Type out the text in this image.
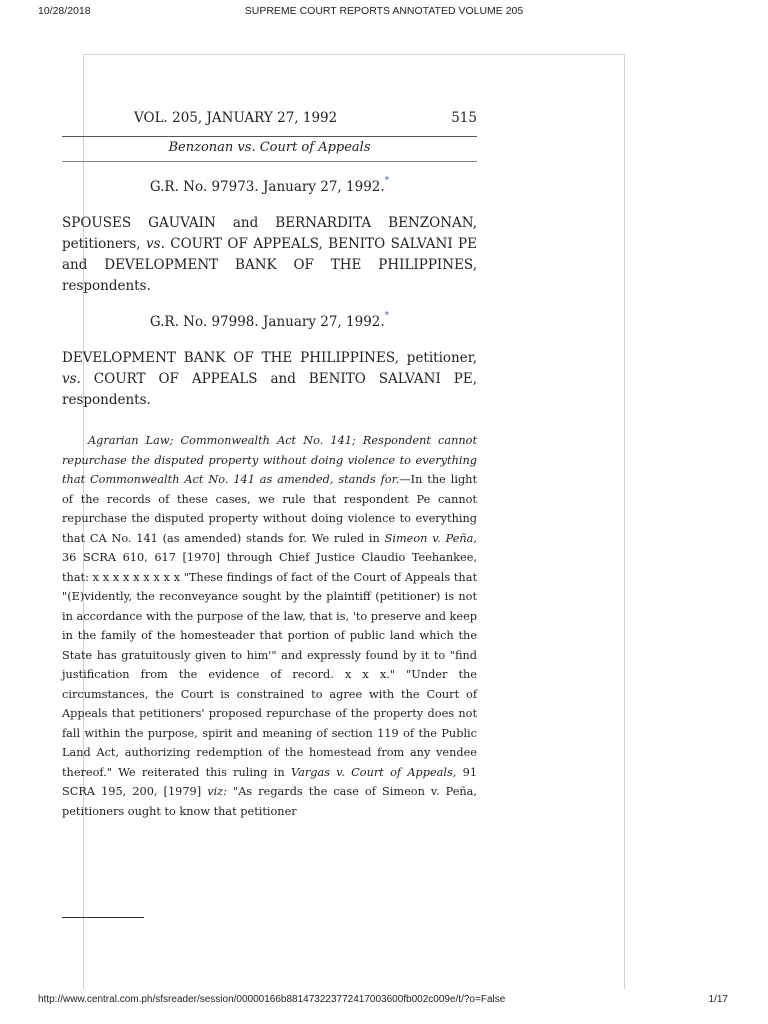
10/28/2018	SUPREME COURT REPORTS ANNOTATED VOLUME 205
VOL. 205, JANUARY 27, 1992	515
Benzonan vs. Court of Appeals
G.R. No. 97973. January 27, 1992.*

SPOUSES GAUVAIN and BERNARDITA BENZONAN, petitioners, vs. COURT OF APPEALS, BENITO SALVANI PE and DEVELOPMENT BANK OF THE PHILIPPINES, respondents.

G.R. No. 97998. January 27, 1992.*

DEVELOPMENT BANK OF THE PHILIPPINES, petitioner, vs. COURT OF APPEALS and BENITO SALVANI PE, respondents.

Agrarian Law; Commonwealth Act No. 141; Respondent cannot repurchase the disputed property without doing violence to everything that Commonwealth Act No. 141 as amended, stands for.—In the light of the records of these cases, we rule that respondent Pe cannot repurchase the disputed property without doing violence to everything that CA No. 141 (as amended) stands for. We ruled in Simeon v. Peña, 36 SCRA 610, 617 [1970] through Chief Justice Claudio Teehankee, that: x x x x x x x x x "These findings of fact of the Court of Appeals that "(E)vidently, the reconveyance sought by the plaintiff (petitioner) is not in accordance with the purpose of the law, that is, 'to preserve and keep in the family of the homesteader that portion of public land which the State has gratuitously given to him'" and expressly found by it to "find justification from the evidence of record. x x x." "Under the circumstances, the Court is constrained to agree with the Court of Appeals that petitioners' proposed repurchase of the property does not fall within the purpose, spirit and meaning of section 119 of the Public Land Act, authorizing redemption of the homestead from any vendee thereof." We reiterated this ruling in Vargas v. Court of Appeals, 91 SCRA 195, 200, [1979] viz: "As regards the case of Simeon v. Peña, petitioners ought to know that petitioner

http://www.central.com.ph/sfsreader/session/00000166b881473223772417003600fb002c009e/t/?o=False	1/17
